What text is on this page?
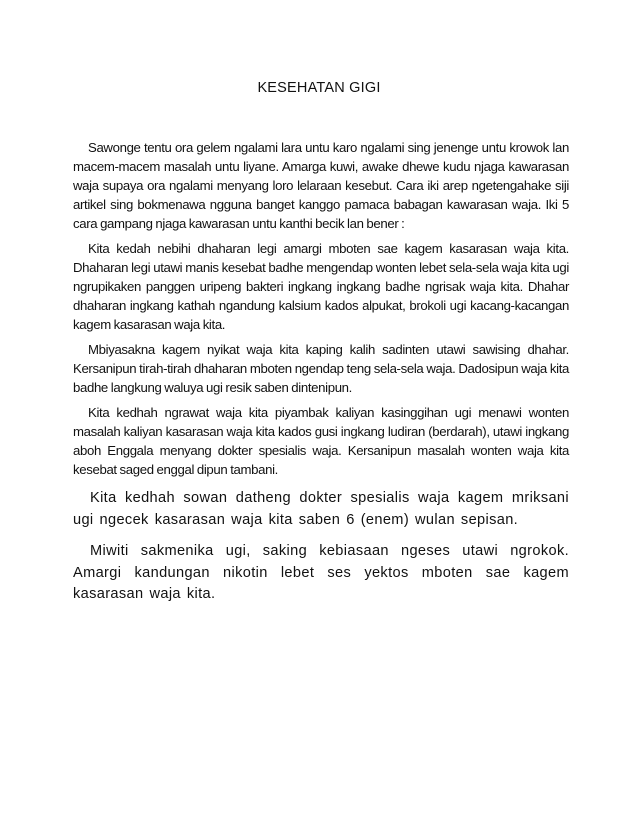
KESEHATAN GIGI

Sawonge tentu ora gelem ngalami lara untu karo ngalami sing jenenge untu krowok lan macem-macem masalah untu liyane. Amarga kuwi, awake dhewe kudu njaga kawarasan waja supaya ora ngalami menyang loro lelaraan kesebut. Cara iki arep ngetengahake siji artikel sing bokmenawa ngguna banget kanggo pamaca babagan kawarasan waja. Iki 5 cara gampang njaga kawarasan untu kanthi becik lan bener :

Kita kedah nebihi dhaharan legi amargi mboten sae kagem kasarasan waja kita. Dhaharan legi utawi manis kesebat badhe mengendap wonten lebet sela-sela waja kita ugi ngrupikaken panggen uripeng bakteri ingkang ingkang badhe ngrisak waja kita. Dhahar dhaharan ingkang kathah ngandung kalsium kados alpukat, brokoli ugi kacang-kacangan kagem kasarasan waja kita.

Mbiyasakna kagem nyikat waja kita kaping kalih sadinten utawi sawising dhahar. Kersanipun tirah-tirah dhaharan mboten ngendap teng sela-sela waja. Dadosipun waja kita badhe langkung waluya ugi resik saben dintenipun.

Kita kedhah ngrawat waja kita piyambak kaliyan kasinggihan ugi menawi wonten masalah kaliyan kasarasan waja kita kados gusi ingkang ludiran (berdarah), utawi ingkang aboh Enggala menyang dokter spesialis waja. Kersanipun masalah wonten waja kita kesebat saged enggal dipun tambani.

Kita kedhah sowan datheng dokter spesialis waja kagem mriksani ugi ngecek kasarasan waja kita saben 6 (enem) wulan sepisan.

Miwiti sakmenika ugi, saking kebiasaan ngeses utawi ngrokok. Amargi kandungan nikotin lebet ses yektos mboten sae kagem kasarasan waja kita.
